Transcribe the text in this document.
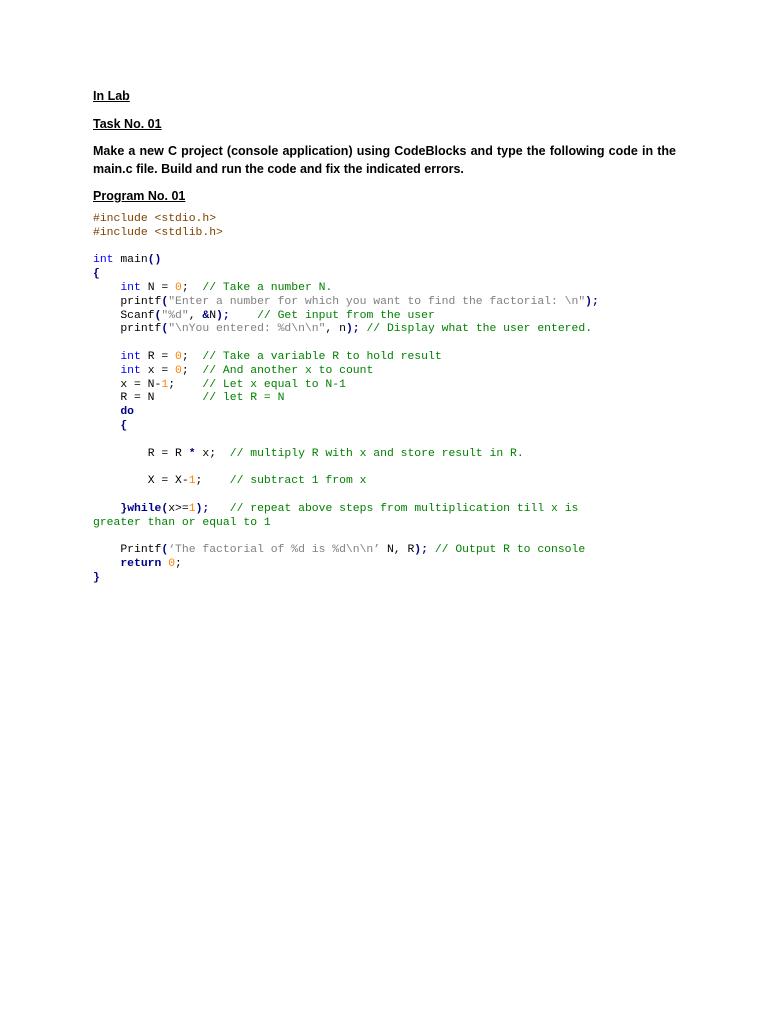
In Lab
Task No. 01

Make a new C project (console application) using CodeBlocks and type the following code in the
main.c file. Build and run the code and fix the indicated errors.

Program No. 01
#include <stdio.h>
#include <stdlib.h>

int main()
{
int N = 0;  // Take a number N.
printf("Enter a number for which you want to find the factorial: \n");
Scanf("%d", &N); // Get input from the user
printf("\nYou entered: %d\n\n", n); // Display what the user entered.

int R = 0;  // Take a variable R to hold result
int x = 0;  // And another x to count
x = N-1;    // Let x equal to N-1
R = N	// let R = N
do
{

R = R * x; // multiply R with x and store result in R.

X = X-1;    // subtract 1 from x

}while(x>=1); // repeat above steps from multiplication till x is
greater than or equal to 1

Printf(‘The factorial of %d is %d\n\n’ N, R); // Output R to console
return 0;
}
